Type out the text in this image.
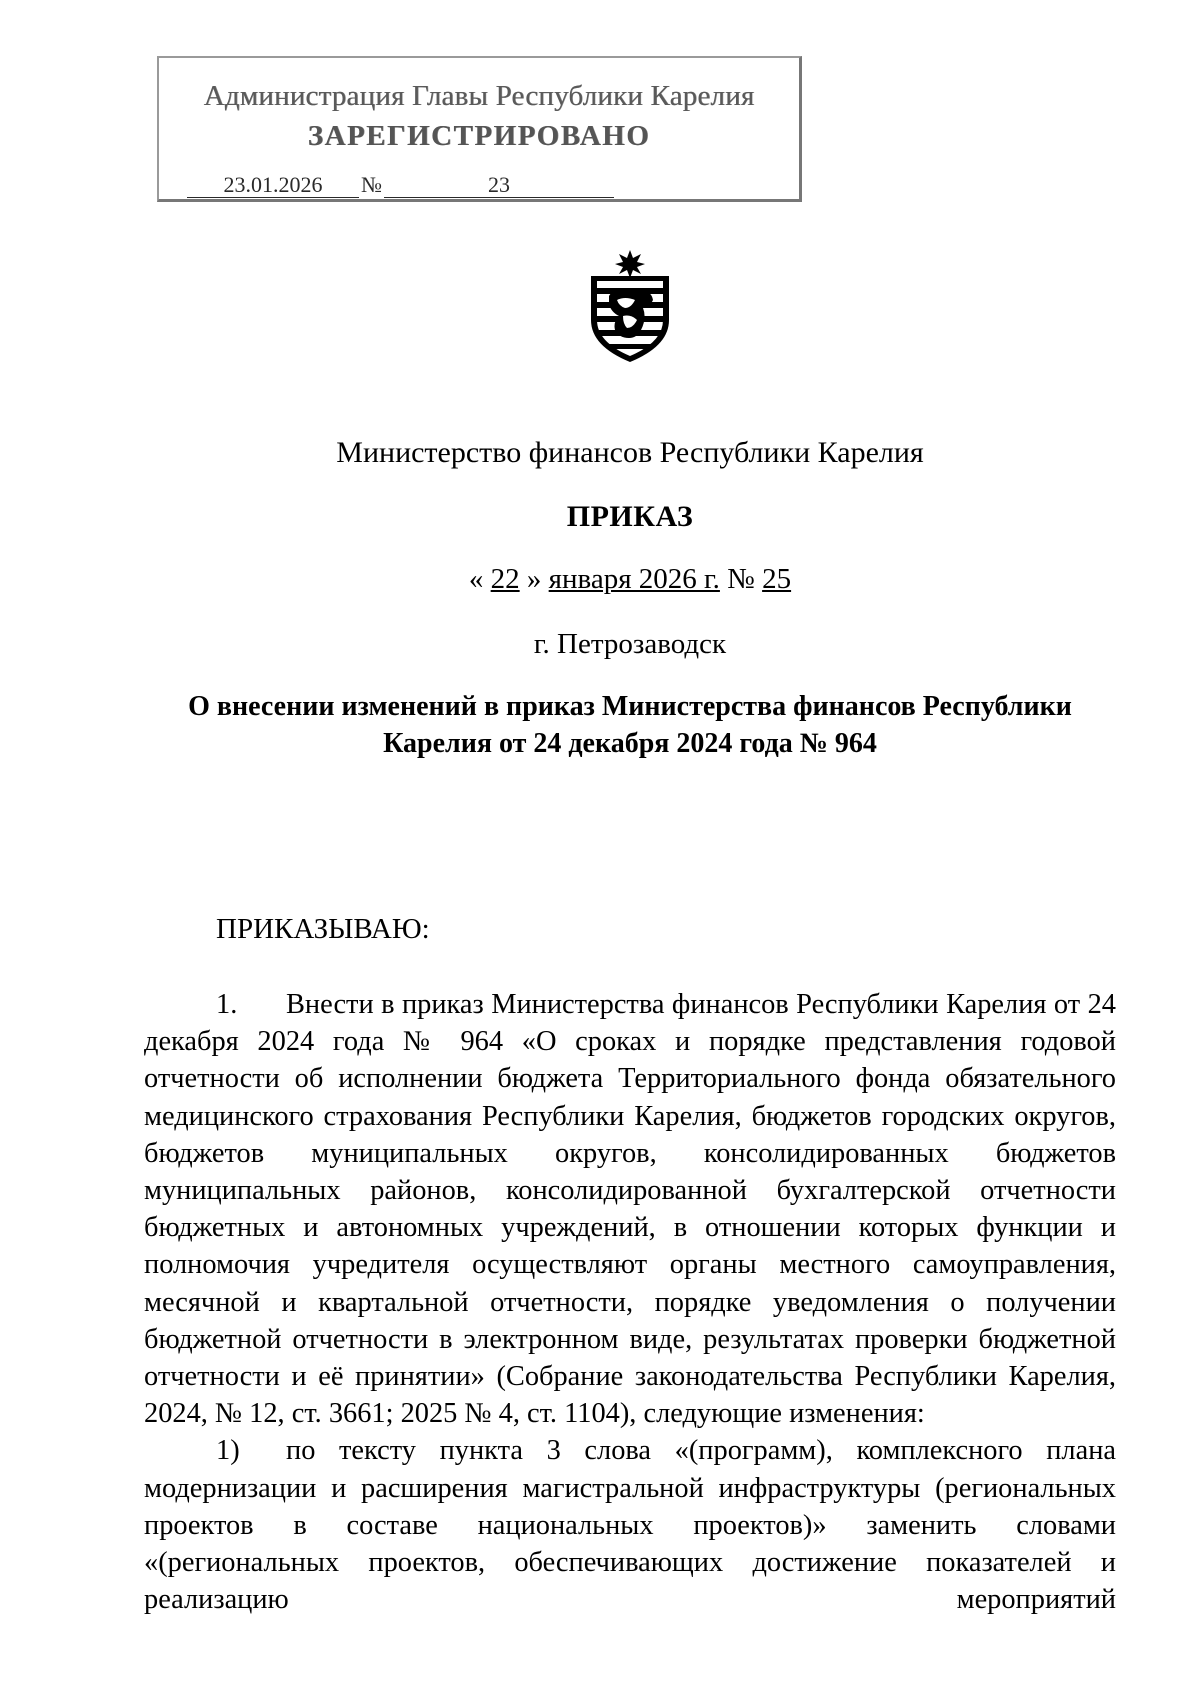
Администрация Главы Республики Карелия
ЗАРЕГИСТРИРОВАНО
23.01.2026 №	23
Министерство финансов Республики Карелия
ПРИКАЗ
« 22 » января 2026 г. № 25
г. Петрозаводск
О внесении изменений в приказ Министерства финансов Республики
Карелия от 24 декабря 2024 года № 964
ПРИКАЗЫВАЮ:

1. Внести в приказ Министерства финансов Республики Карелия от 24 декабря 2024 года № 964 «О сроках и порядке представления годовой отчетности об исполнении бюджета Территориального фонда обязательного медицинского страхования Республики Карелия, бюджетов городских округов, бюджетов муниципальных округов, консолидированных бюджетов муниципальных районов, консолидированной бухгалтерской отчетности бюджетных и автономных учреждений, в отношении которых функции и полномочия учредителя осуществляют органы местного самоуправления, месячной и квартальной отчетности, порядке уведомления о получении бюджетной отчетности в электронном виде, результатах проверки бюджетной отчетности и её принятии» (Собрание законодательства Республики Карелия, 2024, № 12, ст. 3661; 2025 № 4, ст. 1104), следующие изменения:

1) по тексту пункта 3 слова «(программ), комплексного плана модернизации и расширения магистральной инфраструктуры (региональных проектов в составе национальных проектов)» заменить словами «(региональных проектов, обеспечивающих достижение показателей и реализацию мероприятий
